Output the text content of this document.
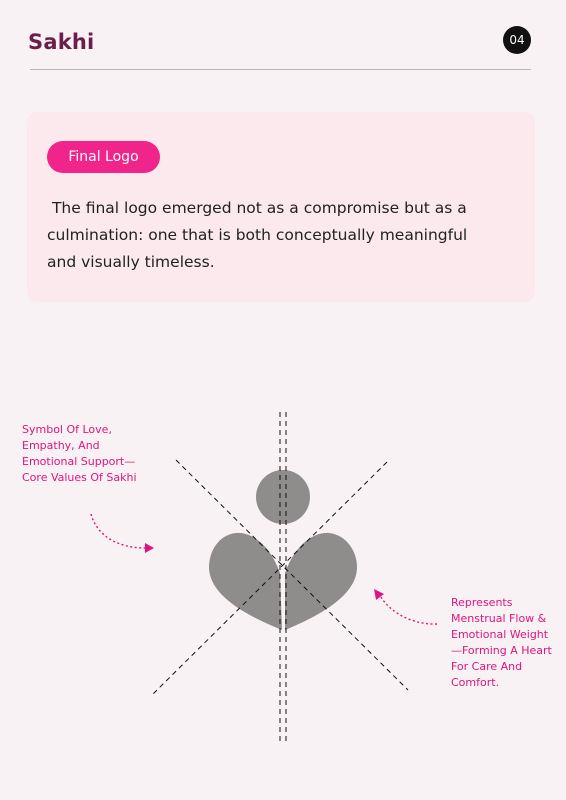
Sakhi	04
Final Logo

The final logo emerged not as a compromise but as a
culmination: one that is both conceptually meaningful
and visually timeless.

Symbol Of Love,
Empathy, And
Emotional Support—
Core Values Of Sakhi

Represents
Menstrual Flow &
Emotional Weight
—Forming A Heart
For Care And
Comfort.
